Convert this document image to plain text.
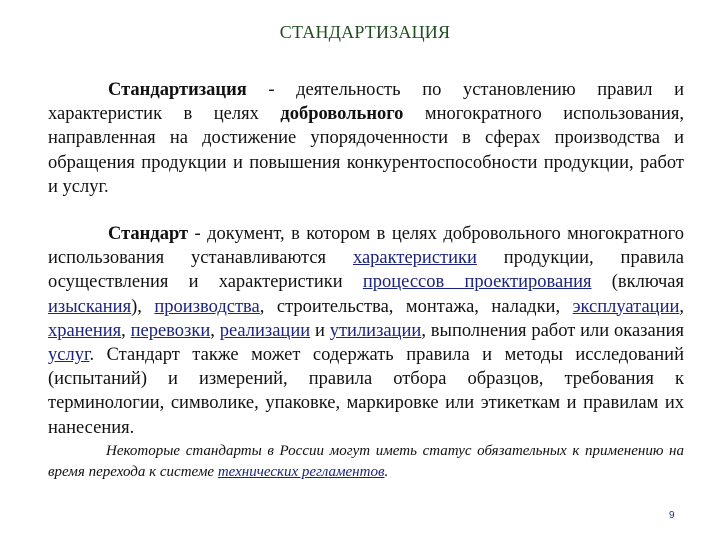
СТАНДАРТИЗАЦИЯ

Стандартизация - деятельность по установлению правил и характеристик в целях добровольного многократного использования, направленная на достижение упорядоченности в сферах производства и обращения продукции и повышения конкурентоспособности продукции, работ и услуг.

Стандарт - документ, в котором в целях добровольного многократного использования устанавливаются характеристики продукции, правила осуществления и характеристики процессов проектирования (включая изыскания), производства, строительства, монтажа, наладки, эксплуатации, хранения, перевозки, реализации и утилизации, выполнения работ или оказания услуг. Стандарт также может содержать правила и методы исследований (испытаний) и измерений, правила отбора образцов, требования к терминологии, символике, упаковке, маркировке или этикеткам и правилам их нанесения.

Некоторые стандарты в России могут иметь статус обязательных к применению на время перехода к системе технических регламентов.

9
